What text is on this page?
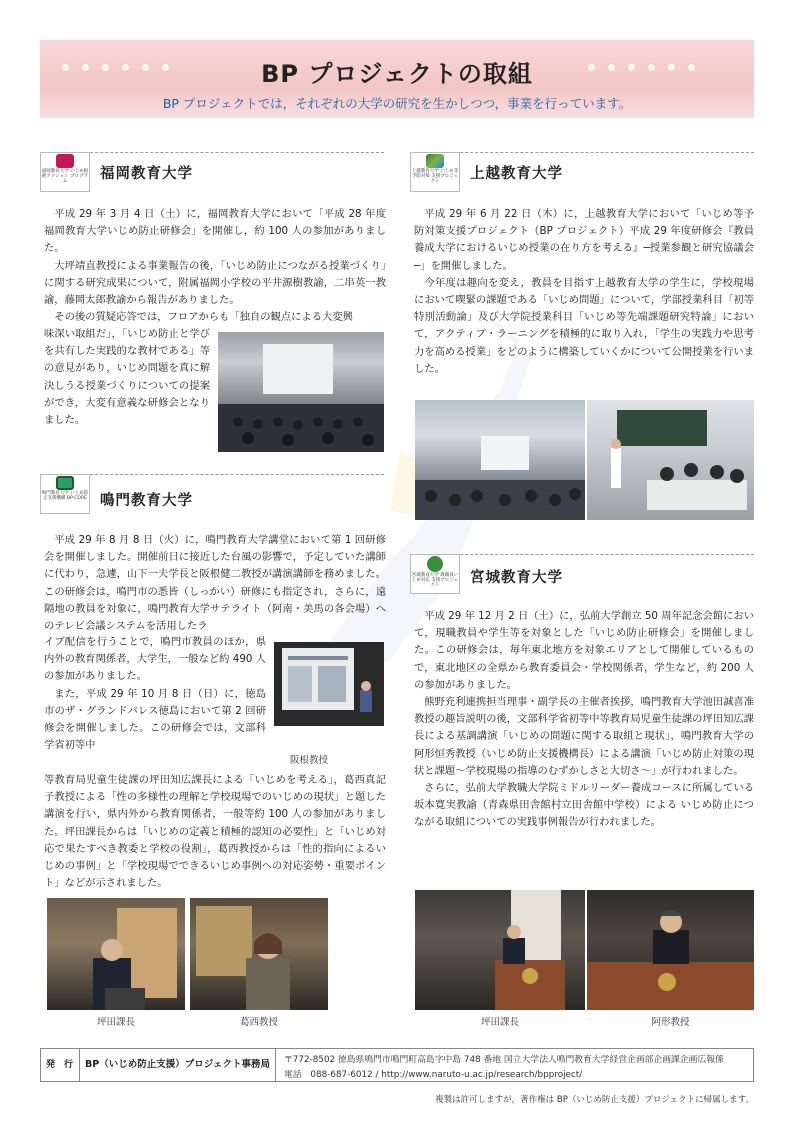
BP プロジェクトの取組
BP プロジェクトでは，それぞれの大学の研究を生かしつつ，事業を行っています。
福岡教育大学 いじめ根絶アクション プログラム	福岡教育大学

平成 29 年 3 月 4 日（土）に，福岡教育大学において「平成 28 年度福岡教育大学いじめ防止研修会」を開催し，約 100 人の参加がありました。

大坪靖直教授による事業報告の後，「いじめ防止につながる授業づくり」に関する研究成果について，附属福岡小学校の平井源樹教諭，二串英一教諭，藤岡太郎教諭から報告がありました。

その後の質疑応答では，フロアからも「独自の観点による大変興

味深い取組だ」，「いじめ防止と学びを共有した実践的な教材である」等の意見があり，いじめ問題を真に解決しうる授業づくりについての提案ができ，大変有意義な研修会となりました。

鳴門教育大学 いじめ防止支援機構 BP-CORE 鳴門教育大学

平成 29 年 8 月 8 日（火）に，鳴門教育大学講堂において第 1 回研修会を開催しました。開催前日に接近した台風の影響で，予定していた講師に代わり，急遽，山下一夫学長と阪根健二教授が講演講師を務めました。この研修会は，鳴門市の悉皆（しっかい）研修にも指定され，さらに，遠隔地の教員を対象に，鳴門教育大学サテライト（阿南・美馬の各会場）へのテレビ会議システムを活用したラ

イブ配信を行うことで，鳴門市教員のほか，県内外の教育関係者，大学生，一般など約 490 人の参加がありました。

また，平成 29 年 10 月 8 日（日）に，徳島市のザ・グランドパレス徳島において第 2 回研修会を開催しました。この研修会では，文部科学省初等中

等教育局児童生徒課の坪田知広課長による「いじめを考える」，葛西真記子教授による「性の多様性の理解と学校現場でのいじめの現状」と題した講演を行い，県内外から教育関係者，一般等約 100 人の参加がありました。坪田課長からは「いじめの定義と積極的認知の必要性」と「いじめ対応で果たすべき教委と学校の役割」，葛西教授からは「性的指向によるいじめの事例」と「学校現場でできるいじめ事例への対応姿勢・重要ポイント」などが示されました。

阪根教授
坪田課長	葛西教授
上越教育大学 いじめ等予防対策 支援プロジェクト	上越教育大学

平成 29 年 6 月 22 日（木）に，上越教育大学において「いじめ等予防対策支援プロジェクト（BP プロジェクト）平成 29 年度研修会『教員養成大学におけるいじめ授業の在り方を考える』─授業参観と研究協議会─」を開催しました。

今年度は趣向を変え，教員を目指す上越教育大学の学生に，学校現場において喫緊の課題である「いじめ問題」について，学部授業科目「初等特別活動論」及び大学院授業科目「いじめ等先端課題研究特論」において，アクティブ・ラーニングを積極的に取り入れ，「学生の実践力や思考力を高める授業」をどのように構築していくかについて公開授業を行いました。

宮城教育大学 教職員いじめ対応 支援プロジェクト	宮城教育大学

平成 29 年 12 月 2 日（土）に，弘前大学創立 50 周年記念会館において，現職教員や学生等を対象とした「いじめ防止研修会」を開催しました。この研修会は，毎年東北地方を対象エリアとして開催しているもので，東北地区の全県から教育委員会・学校関係者，学生など，約 200 人の参加がありました。

熊野充利連携担当理事・副学長の主催者挨拶，鳴門教育大学池田誠喜准教授の趣旨説明の後，文部科学省初等中等教育局児童生徒課の坪田知広課長による基調講演「いじめの問題に関する取組と現状」，鳴門教育大学の阿形恒秀教授（いじめ防止支援機構長）による講演「いじめ防止対策の現状と課題～学校現場の指導のむずかしさと大切さ～」が行われました。

さらに，弘前大学教職大学院ミドルリーダー養成コースに所属している坂本寛実教諭（青森県田舎館村立田舎館中学校）による いじめ防止につながる取組についての実践事例報告が行われました。

坪田課長	阿形教授
発　行	BP（いじめ防止支援）プロジェクト事務局	〒772-8502 徳島県鳴門市鳴門町高島字中島 748 番地 国立大学法人鳴門教育大学経営企画部企画課企画広報係
電話　088-687-6012 / http://www.naruto-u.ac.jp/research/bpproject/
複製は許可しますが，著作権は BP（いじめ防止支援）プロジェクトに帰属します。
